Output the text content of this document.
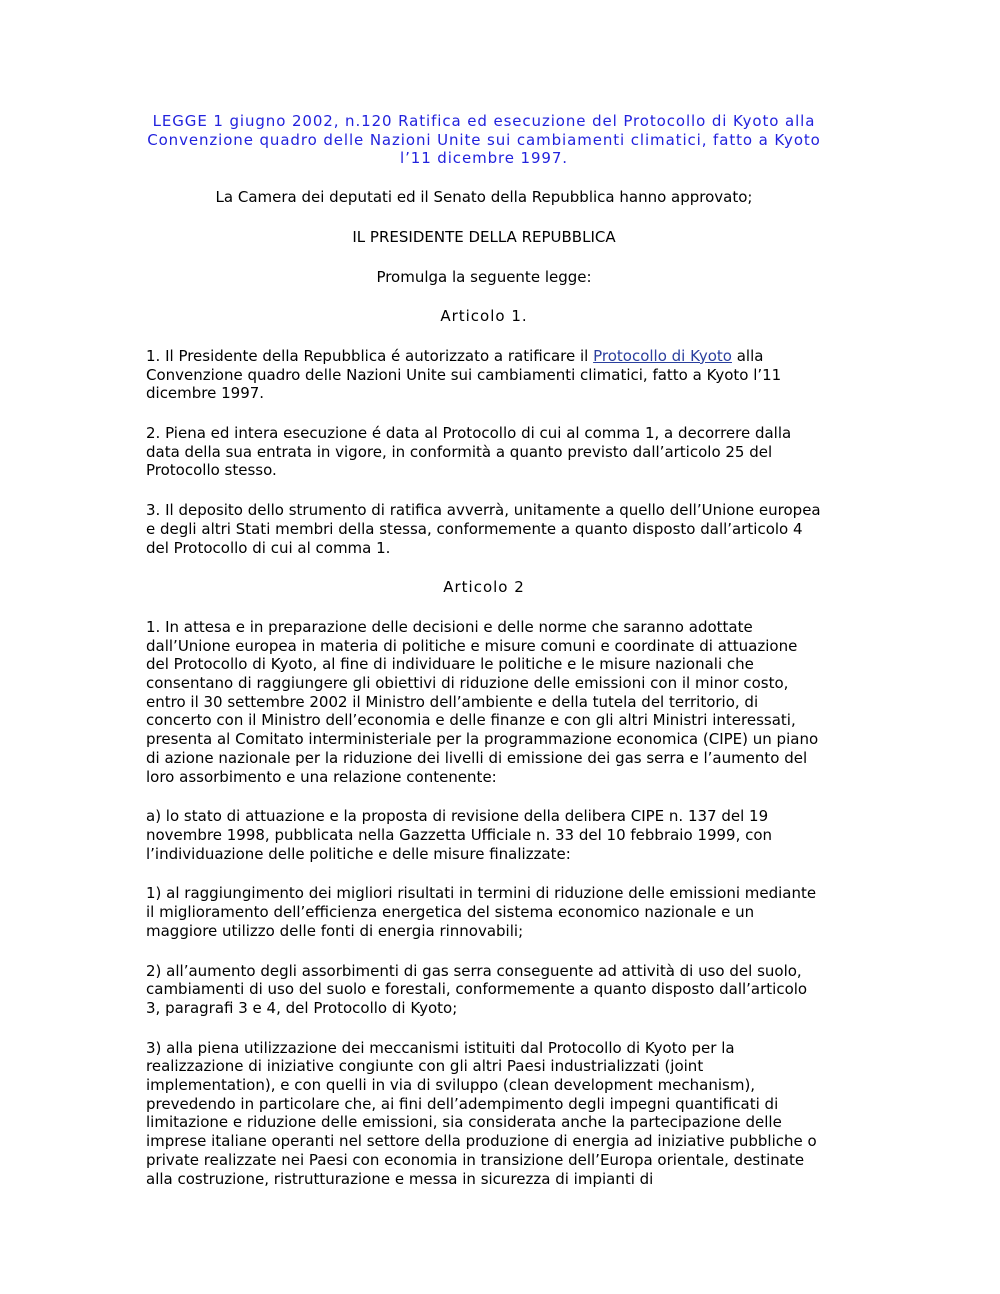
LEGGE 1 giugno 2002, n.120 Ratifica ed esecuzione del Protocollo di Kyoto alla Convenzione quadro delle Nazioni Unite sui cambiamenti climatici, fatto a Kyoto l’11 dicembre 1997.

La Camera dei deputati ed il Senato della Repubblica hanno approvato;

IL PRESIDENTE DELLA REPUBBLICA

Promulga la seguente legge:

Articolo 1.

1. Il Presidente della Repubblica é autorizzato a ratificare il Protocollo di Kyoto alla Convenzione quadro delle Nazioni Unite sui cambiamenti climatici, fatto a Kyoto l’11 dicembre 1997.

2. Piena ed intera esecuzione é data al Protocollo di cui al comma 1, a decorrere dalla data della sua entrata in vigore, in conformità a quanto previsto dall’articolo 25 del Protocollo stesso.

3. Il deposito dello strumento di ratifica avverrà, unitamente a quello dell’Unione europea e degli altri Stati membri della stessa, conformemente a quanto disposto dall’articolo 4 del Protocollo di cui al comma 1.

Articolo 2

1. In attesa e in preparazione delle decisioni e delle norme che saranno adottate dall’Unione europea in materia di politiche e misure comuni e coordinate di attuazione del Protocollo di Kyoto, al fine di individuare le politiche e le misure nazionali che consentano di raggiungere gli obiettivi di riduzione delle emissioni con il minor costo, entro il 30 settembre 2002 il Ministro dell’ambiente e della tutela del territorio, di concerto con il Ministro dell’economia e delle finanze e con gli altri Ministri interessati, presenta al Comitato interministeriale per la programmazione economica (CIPE) un piano di azione nazionale per la riduzione dei livelli di emissione dei gas serra e l’aumento del loro assorbimento e una relazione contenente:

a) lo stato di attuazione e la proposta di revisione della delibera CIPE n. 137 del 19 novembre 1998, pubblicata nella Gazzetta Ufficiale n. 33 del 10 febbraio 1999, con l’individuazione delle politiche e delle misure finalizzate:

1) al raggiungimento dei migliori risultati in termini di riduzione delle emissioni mediante il miglioramento dell’efficienza energetica del sistema economico nazionale e un maggiore utilizzo delle fonti di energia rinnovabili;

2) all’aumento degli assorbimenti di gas serra conseguente ad attività di uso del suolo, cambiamenti di uso del suolo e forestali, conformemente a quanto disposto dall’articolo 3, paragrafi 3 e 4, del Protocollo di Kyoto;

3) alla piena utilizzazione dei meccanismi istituiti dal Protocollo di Kyoto per la realizzazione di iniziative congiunte con gli altri Paesi industrializzati (joint implementation), e con quelli in via di sviluppo (clean development mechanism), prevedendo in particolare che, ai fini dell’adempimento degli impegni quantificati di limitazione e riduzione delle emissioni, sia considerata anche la partecipazione delle imprese italiane operanti nel settore della produzione di energia ad iniziative pubbliche o private realizzate nei Paesi con economia in transizione dell’Europa orientale, destinate alla costruzione, ristrutturazione e messa in sicurezza di impianti di
